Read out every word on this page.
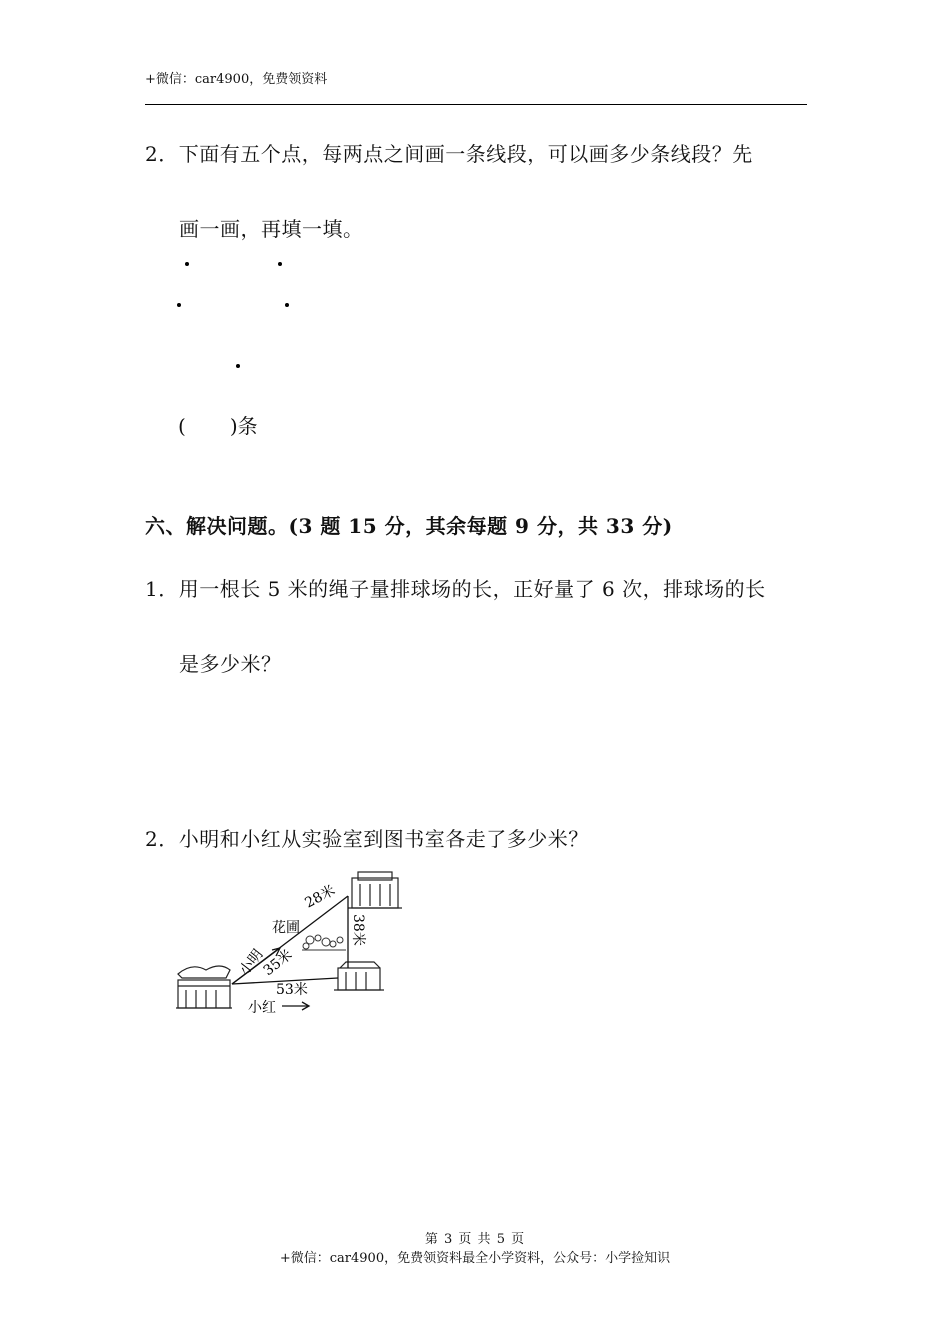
+微信：car4900，免费领资料
2．下面有五个点，每两点之间画一条线段，可以画多少条线段？先
画一画，再填一填。
( )条
六、解决问题。(3 题 15 分，其余每题 9 分，共 33 分)
1．用一根长 5 米的绳子量排球场的长，正好量了 6 次，排球场的长
是多少米？
2．小明和小红从实验室到图书室各走了多少米？
小明
35米
花圃
28米
38米
53米
小红
第 3 页 共 5 页
+微信：car4900，免费领资料最全小学资料，公众号：小学捡知识
